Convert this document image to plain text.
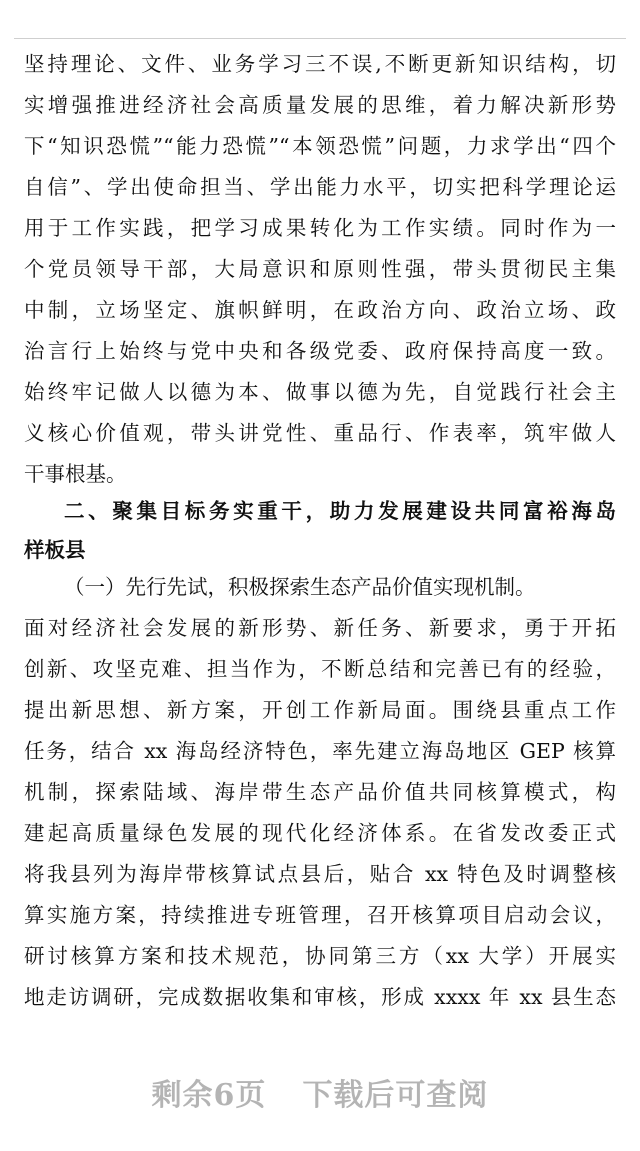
坚持理论、文件、业务学习三不误,不断更新知识结构，切
实增强推进经济社会高质量发展的思维，着力解决新形势
下“知识恐慌”“能力恐慌”“本领恐慌”问题，力求学出“四个
自信”、学出使命担当、学出能力水平，切实把科学理论运
用于工作实践，把学习成果转化为工作实绩。同时作为一
个党员领导干部，大局意识和原则性强，带头贯彻民主集
中制，立场坚定、旗帜鲜明，在政治方向、政治立场、政
治言行上始终与党中央和各级党委、政府保持高度一致。
始终牢记做人以德为本、做事以德为先，自觉践行社会主
义核心价值观，带头讲党性、重品行、作表率，筑牢做人
干事根基。
二、聚集目标务实重干，助力发展建设共同富裕海岛
样板县
（一）先行先试，积极探索生态产品价值实现机制。
面对经济社会发展的新形势、新任务、新要求，勇于开拓
创新、攻坚克难、担当作为，不断总结和完善已有的经验，
提出新思想、新方案，开创工作新局面。围绕县重点工作
任务，结合 xx 海岛经济特色，率先建立海岛地区 GEP 核算
机制，探索陆域、海岸带生态产品价值共同核算模式，构
建起高质量绿色发展的现代化经济体系。在省发改委正式
将我县列为海岸带核算试点县后，贴合 xx 特色及时调整核
算实施方案，持续推进专班管理，召开核算项目启动会议，
研讨核算方案和技术规范，协同第三方（xx 大学）开展实
地走访调研，完成数据收集和审核，形成 xxxx 年 xx 县生态
剩余6页 下载后可查阅
